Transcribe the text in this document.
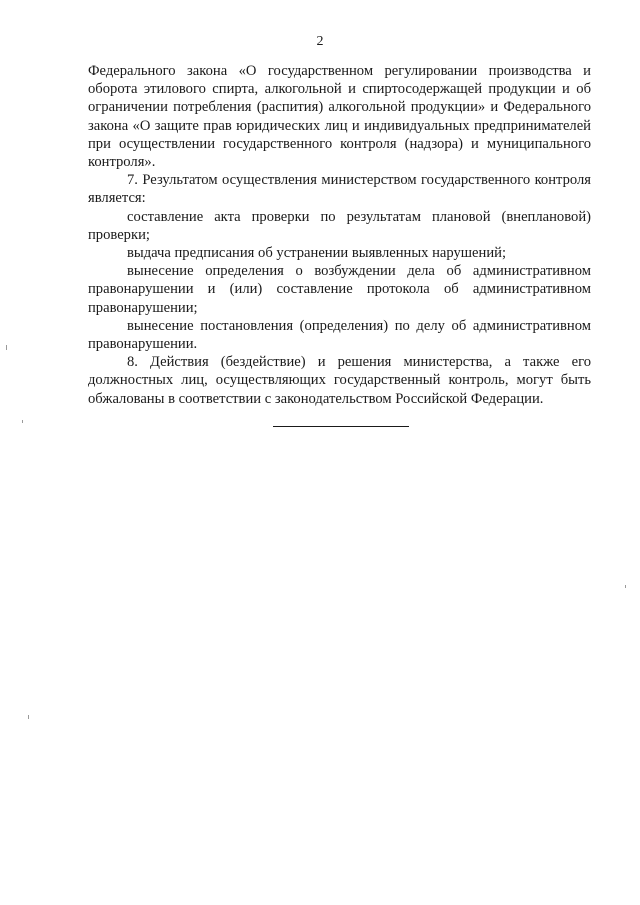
2

Федерального закона «О государственном регулировании производства и оборота этилового спирта, алкогольной и спиртосодержащей продукции и об ограничении потребления (распития) алкогольной продукции» и Федерального закона «О защите прав юридических лиц и индивидуальных предпринимателей при осуществлении государственного контроля (надзора) и муниципального контроля».

7. Результатом осуществления министерством государственного контроля является:

составление акта проверки по результатам плановой (внеплановой) проверки;

выдача предписания об устранении выявленных нарушений;

вынесение определения о возбуждении дела об административном правонарушении и (или) составление протокола об административном правонарушении;

вынесение постановления (определения) по делу об административном правонарушении.

8. Действия (бездействие) и решения министерства, а также его должностных лиц, осуществляющих государственный контроль, могут быть обжалованы в соответствии с законодательством Российской Федерации.
